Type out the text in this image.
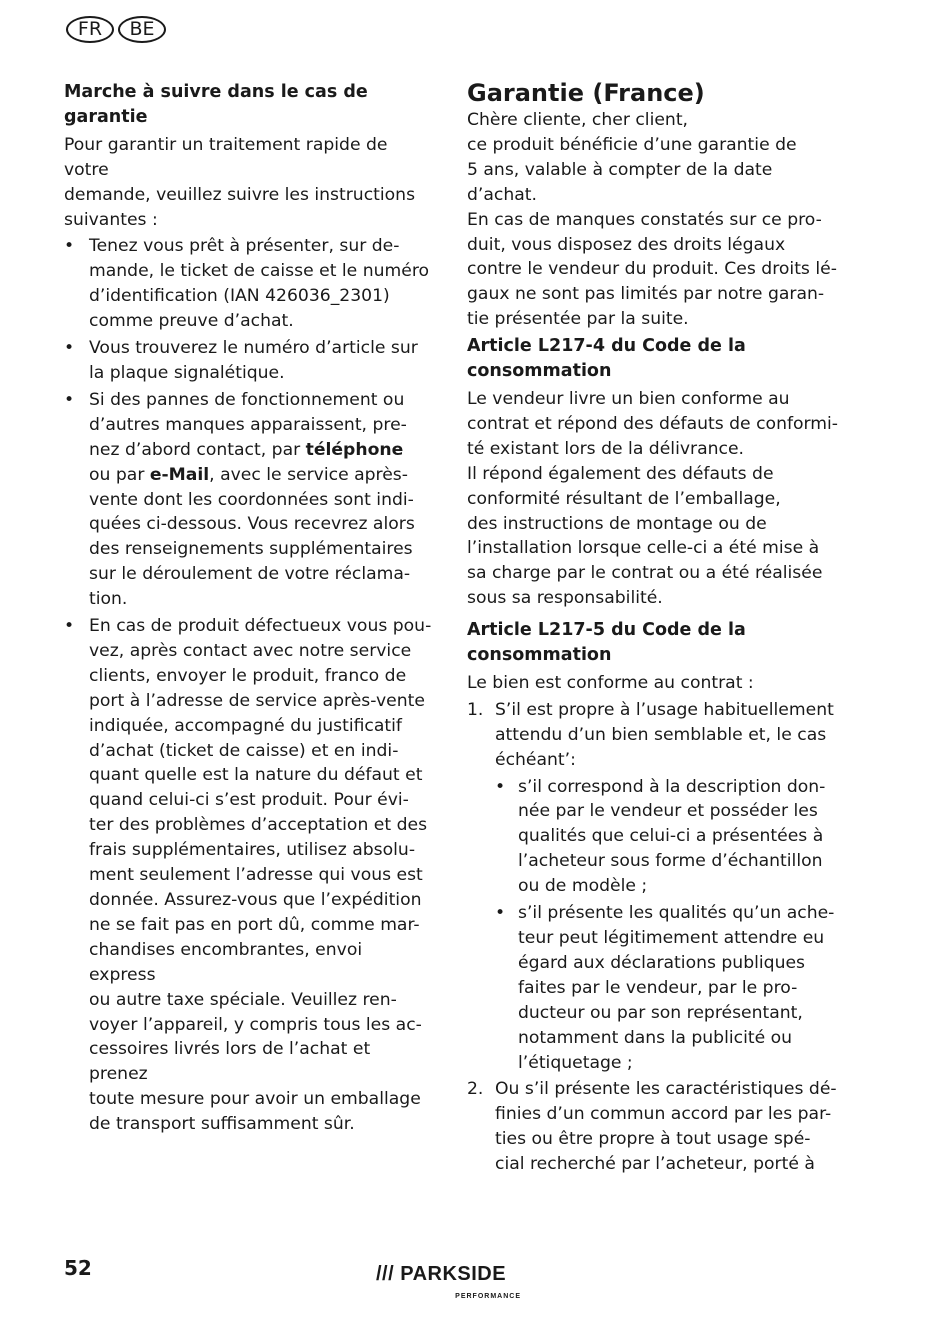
FR	BE
Marche à suivre dans le cas de
garantie
Pour garantir un traitement rapide de votre
demande, veuillez suivre les instructions
suivantes :
• Tenez vous prêt à présenter, sur de-
mande, le ticket de caisse et le numéro
d’identification (IAN 426036_2301)
comme preuve d’achat.
• Vous trouverez le numéro d’article sur
la plaque signalétique.
• Si des pannes de fonctionnement ou
d’autres manques apparaissent, pre-
nez d’abord contact, par téléphone
ou par e-Mail, avec le service après-
vente dont les coordonnées sont indi-
quées ci-dessous. Vous recevrez alors
des renseignements supplémentaires
sur le déroulement de votre réclama-
tion.
• En cas de produit défectueux vous pou-
vez, après contact avec notre service
clients, envoyer le produit, franco de
port à l’adresse de service après-vente
indiquée, accompagné du justificatif
d’achat (ticket de caisse) et en indi-
quant quelle est la nature du défaut et
quand celui-ci s’est produit. Pour évi-
ter des problèmes d’acceptation et des
frais supplémentaires, utilisez absolu-
ment seulement l’adresse qui vous est
donnée. Assurez-vous que l’expédition
ne se fait pas en port dû, comme mar-
chandises encombrantes, envoi express
ou autre taxe spéciale. Veuillez ren-
voyer l’appareil, y compris tous les ac-
cessoires livrés lors de l’achat et prenez
toute mesure pour avoir un emballage
de transport suffisamment sûr.
Garantie (France)
Chère cliente, cher client,
ce produit bénéficie d’une garantie de
5 ans, valable à compter de la date
d’achat.
En cas de manques constatés sur ce pro-
duit, vous disposez des droits légaux
contre le vendeur du produit. Ces droits lé-
gaux ne sont pas limités par notre garan-
tie présentée par la suite.
Article L217-4 du Code de la
consommation
Le vendeur livre un bien conforme au
contrat et répond des défauts de conformi-
té existant lors de la délivrance.
Il répond également des défauts de
conformité résultant de l’emballage,
des instructions de montage ou de
l’installation lorsque celle-ci a été mise à
sa charge par le contrat ou a été réalisée
sous sa responsabilité.
Article L217-5 du Code de la
consommation
Le bien est conforme au contrat :
1. S’il est propre à l’usage habituellement
attendu d’un bien semblable et, le cas
échéant’:
• s’il correspond à la description don-
née par le vendeur et posséder les
qualités que celui-ci a présentées à
l’acheteur sous forme d’échantillon
ou de modèle ;
• s’il présente les qualités qu’un ache-
teur peut légitimement attendre eu
égard aux déclarations publiques
faites par le vendeur, par le pro-
ducteur ou par son représentant,
notamment dans la publicité ou
l’étiquetage ;
2. Ou s’il présente les caractéristiques dé-
finies d’un commun accord par les par-
ties ou être propre à tout usage spé-
cial recherché par l’acheteur, porté à
52	/// PARKSIDE
PERFORMANCE
